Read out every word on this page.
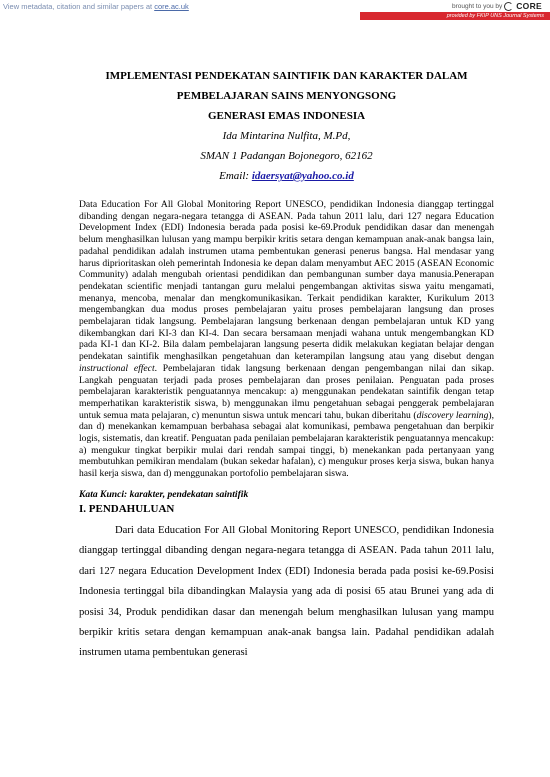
View metadata, citation and similar papers at core.ac.uk	brought to you by CORE
provided by FKIP UNS Journal Systems
IMPLEMENTASI PENDEKATAN SAINTIFIK DAN KARAKTER DALAM
PEMBELAJARAN SAINS MENYONGSONG
GENERASI EMAS INDONESIA
Ida Mintarina Nulfita, M.Pd,
SMAN 1 Padangan Bojonegoro, 62162
Email: idaersyat@yahoo.co.id
Data Education For All Global Monitoring Report UNESCO, pendidikan Indonesia dianggap tertinggal dibanding dengan negara-negara tetangga di ASEAN. Pada tahun 2011 lalu, dari 127 negara Education Development Index (EDI) Indonesia berada pada posisi ke-69.Produk pendidikan dasar dan menengah belum menghasilkan lulusan yang mampu berpikir kritis setara dengan kemampuan anak-anak bangsa lain, padahal pendidikan adalah instrumen utama pembentukan generasi penerus bangsa. Hal mendasar yang harus diprioritaskan oleh pemerintah Indonesia ke depan dalam menyambut AEC 2015 (ASEAN Economic Community) adalah mengubah orientasi pendidikan dan pembangunan sumber daya manusia.Penerapan pendekatan scientific menjadi tantangan guru melalui pengembangan aktivitas siswa yaitu mengamati, menanya, mencoba, menalar dan mengkomunikasikan. Terkait pendidikan karakter, Kurikulum 2013 mengembangkan dua modus proses pembelajaran yaitu proses pembelajaran langsung dan proses pembelajaran tidak langsung. Pembelajaran langsung berkenaan dengan pembelajaran untuk KD yang dikembangkan dari KI-3 dan KI-4. Dan secara bersamaan menjadi wahana untuk mengembangkan KD pada KI-1 dan KI-2. Bila dalam pembelajaran langsung peserta didik melakukan kegiatan belajar dengan pendekatan saintifik menghasilkan pengetahuan dan keterampilan langsung atau yang disebut dengan instructional effect. Pembelajaran tidak langsung berkenaan dengan pengembangan nilai dan sikap. Langkah penguatan terjadi pada proses pembelajaran dan proses penilaian. Penguatan pada proses pembelajaran karakteristik penguatannya mencakup: a) menggunakan pendekatan saintifik dengan tetap memperhatikan karakteristik siswa, b) menggunakan ilmu pengetahuan sebagai penggerak pembelajaran untuk semua mata pelajaran, c) menuntun siswa untuk mencari tahu, bukan diberitahu (discovery learning), dan d) menekankan kemampuan berbahasa sebagai alat komunikasi, pembawa pengetahuan dan berpikir logis, sistematis, dan kreatif. Penguatan pada penilaian pembelajaran karakteristik penguatannya mencakup: a) mengukur tingkat berpikir mulai dari rendah sampai tinggi, b) menekankan pada pertanyaan yang membutuhkan pemikiran mendalam (bukan sekedar hafalan), c) mengukur proses kerja siswa, bukan hanya hasil kerja siswa, dan d) menggunakan portofolio pembelajaran siswa.
Kata Kunci: karakter, pendekatan saintifik
I. PENDAHULUAN
Dari data Education For All Global Monitoring Report UNESCO, pendidikan Indonesia dianggap tertinggal dibanding dengan negara-negara tetangga di ASEAN. Pada tahun 2011 lalu, dari 127 negara Education Development Index (EDI) Indonesia berada pada posisi ke-69.Posisi Indonesia tertinggal bila dibandingkan Malaysia yang ada di posisi 65 atau Brunei yang ada di posisi 34, Produk pendidikan dasar dan menengah belum menghasilkan lulusan yang mampu berpikir kritis setara dengan kemampuan anak-anak bangsa lain. Padahal pendidikan adalah instrumen utama pembentukan generasi
